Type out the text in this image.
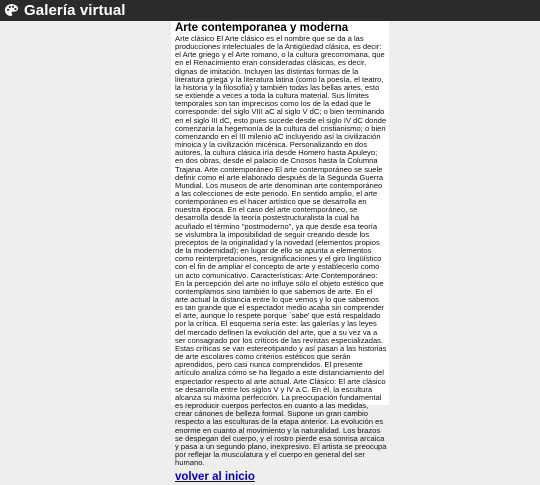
Galería virtual
Arte contemporanea y moderna

Arte clásico El Arte clásico es el nombre que se da a las producciones intelectuales de la Antigüedad clásica, es decir: el Arte griego y el Arte romano, o la cultura grecorromana, que en el Renacimiento eran consideradas clásicas, es decir, dignas de imitación. Incluyen las distintas formas de la literatura griega y la literatura latina (como la poesía, el teatro, la historia y la filosofía) y también todas las bellas artes, esto se extiende a veces a toda la cultura material. Sus límites temporales son tan imprecisos como los de la edad que le corresponde: del siglo VIII aC al siglo V dC; o bien terminando en el siglo III dC, esto pues sucede desde el siglo IV dC donde comenzaría la hegemonía de la cultura del cristianismo; o bien comenzando en el III milenio aC incluyendo así la civilización minoica y la civilización micénica. Personalizando en dos autores, la cultura clásica iría desde Homero hasta Apuleyo; en dos obras, desde el palacio de Cnosos hasta la Columna Trajana. Arte contemporáneo El arte contemporáneo se suele definir como el arte elaborado después de la Segunda Guerra Mundial. Los museos de arte denominan arte contemporáneo a las colecciones de este periodo. En sentido amplio, el arte contemporáneo es el hacer artístico que se desarrolla en nuestra época. En el caso del arte contemporáneo, se desarrolla desde la teoría postestructuralista la cual ha acuñado el término "postmoderno", ya que desde esa teoría se vislumbra la imposibilidad de seguir creando desde los preceptos de la originalidad y la novedad (elementos propios de la modernidad); en lugar de ello se apunta a elementos como reinterpretaciones, resignificaciones y el giro lingüístico con el fin de ampliar el concepto de arte y establecerlo como un acto comunicativo. Características: Arte Contemporáneo: En la percepción del arte no influye sólo el objeto estético que contemplamos sino también lo que sabemos de arte. En el arte actual la distancia entre lo que vemos y lo que sabemos es tan grande que el espectador medio acaba sin comprender el arte, aunque lo respete porque `sabe' que está respaldado por la crítica. El esquema sería este: las galerías y las leyes del mercado definen la evolución del arte, que a su vez va a ser consagrado por los críticos de las revistas especializadas. Estas críticas se van estereotipando y así pasan a las historias de arte escolares como criterios estéticos que serán aprendidos, pero casi nunca comprendidos. El presente artículo analiza cómo se ha llegado a este distanciamiento del espectador respecto al arte actual. Arte Clásico: El arte clásico se desarrolla entre los siglos V y IV a.C. En él, la escultura alcanza su máxima perfección. La preocupación fundamental es reproducir cuerpos perfectos en cuanto a las medidas, crear cánones de belleza formal. Supone un gran cambio respecto a las esculturas de la etapa anterior. La evolución es enorme en cuanto al movimiento y la naturalidad. Los brazos se despegan del cuerpo, y el rostro pierde esa sonrisa arcaica y pasa a un segundo plano, inexpresivo. El artista se preocupa por reflejar la musculatura y el cuerpo en general del ser humano.

volver al inicio
